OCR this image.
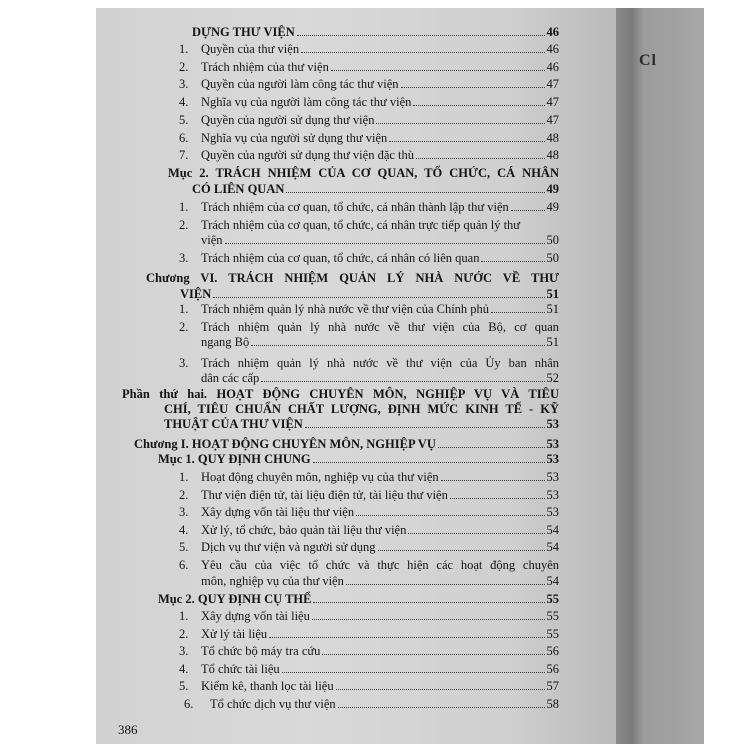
DỰNG THƯ VIỆN	46
1.	Quyền của thư viện	46
2.	Trách nhiệm của thư viện	46
3.	Quyền của người làm công tác thư viện	47
4.	Nghĩa vụ của người làm công tác thư viện	47
5.	Quyền của người sử dụng thư viện	47
6.	Nghĩa vụ của người sử dụng thư viện	48
7.	Quyền của người sử dụng thư viện đặc thù	48
Mục 2. TRÁCH NHIỆM CỦA CƠ QUAN, TỔ CHỨC, CÁ NHÂN
CÓ LIÊN QUAN	49
1.	Trách nhiệm của cơ quan, tổ chức, cá nhân thành lập thư viện	49
2. Trách nhiệm của cơ quan, tổ chức, cá nhân trực tiếp quản lý thư
viện	50
3.	Trách nhiệm của cơ quan, tổ chức, cá nhân có liên quan	50
Chương VI. TRÁCH NHIỆM QUẢN LÝ NHÀ NƯỚC VỀ THƯ
VIỆN	51
1.	Trách nhiệm quản lý nhà nước về thư viện của Chính phủ	51
2. Trách nhiệm quản lý nhà nước về thư viện của Bộ, cơ quan
ngang Bộ	51
3. Trách nhiệm quản lý nhà nước về thư viện của Ủy ban nhân
dân các cấp	52
Phần thứ hai. HOẠT ĐỘNG CHUYÊN MÔN, NGHIỆP VỤ VÀ TIÊU
CHÍ, TIÊU CHUẨN CHẤT LƯỢNG, ĐỊNH MỨC KINH TẾ - KỸ
THUẬT CỦA THƯ VIỆN	53
Chương I. HOẠT ĐỘNG CHUYÊN MÔN, NGHIỆP VỤ	53
Mục 1. QUY ĐỊNH CHUNG	53
1.	Hoạt động chuyên môn, nghiệp vụ của thư viện	53
2.	Thư viện điện tử, tài liệu điện tử, tài liệu thư viện	53
3.	Xây dựng vốn tài liệu thư viện	53
4.	Xử lý, tổ chức, bảo quản tài liệu thư viện	54
5.	Dịch vụ thư viện và người sử dụng	54
6. Yêu cầu của việc tổ chức và thực hiện các hoạt động chuyên
môn, nghiệp vụ của thư viện	54
Mục 2. QUY ĐỊNH CỤ THỂ	55
1.	Xây dựng vốn tài liệu	55
2.	Xử lý tài liệu	55
3.	Tổ chức bộ máy tra cứu	56
4.	Tổ chức tài liệu	56
5.	Kiểm kê, thanh lọc tài liệu	57
6.	Tổ chức dịch vụ thư viện	58
386
Cl
